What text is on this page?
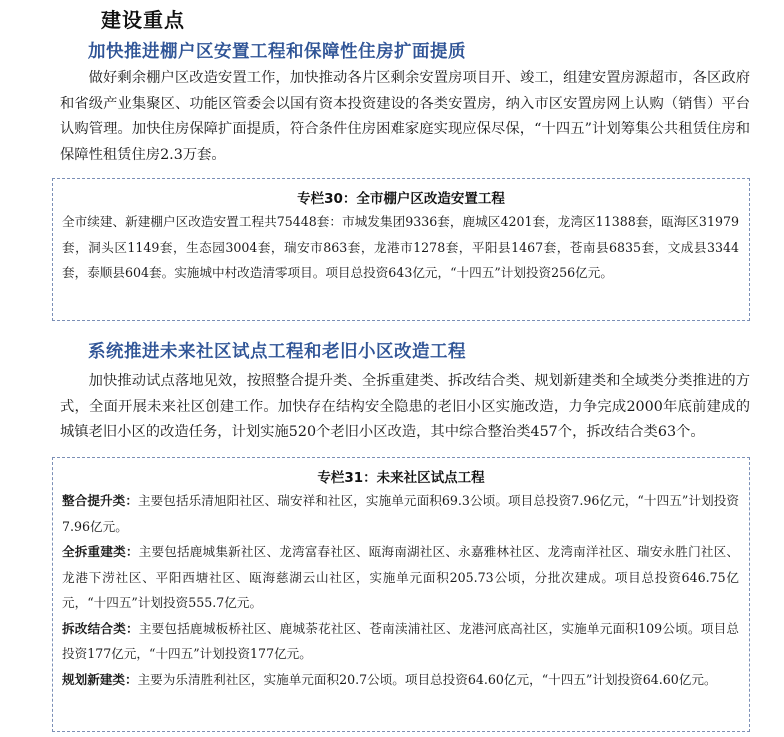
建设重点
加快推进棚户区安置工程和保障性住房扩面提质
做好剩余棚户区改造安置工作，加快推动各片区剩余安置房项目开、竣工，组建安置房源超市，各区政府和省级产业集聚区、功能区管委会以国有资本投资建设的各类安置房，纳入市区安置房网上认购（销售）平台认购管理。加快住房保障扩面提质，符合条件住房困难家庭实现应保尽保，“十四五”计划筹集公共租赁住房和保障性租赁住房2.3万套。
专栏30：全市棚户区改造安置工程

全市续建、新建棚户区改造安置工程共75448套：市城发集团9336套，鹿城区4201套，龙湾区11388套，瓯海区31979套，洞头区1149套，生态园3004套，瑞安市863套，龙港市1278套，平阳县1467套，苍南县6835套，文成县3344套，泰顺县604套。实施城中村改造清零项目。项目总投资643亿元，“十四五”计划投资256亿元。

系统推进未来社区试点工程和老旧小区改造工程
加快推动试点落地见效，按照整合提升类、全拆重建类、拆改结合类、规划新建类和全域类分类推进的方式，全面开展未来社区创建工作。加快存在结构安全隐患的老旧小区实施改造，力争完成2000年底前建成的城镇老旧小区的改造任务，计划实施520个老旧小区改造，其中综合整治类457个，拆改结合类63个。
专栏31：未来社区试点工程

整合提升类：主要包括乐清旭阳社区、瑞安祥和社区，实施单元面积69.3公顷。项目总投资7.96亿元，“十四五”计划投资7.96亿元。

全拆重建类：主要包括鹿城集新社区、龙湾富春社区、瓯海南湖社区、永嘉雅林社区、龙湾南洋社区、瑞安永胜门社区、龙港下涝社区、平阳西塘社区、瓯海慈湖云山社区，实施单元面积205.73公顷，分批次建成。项目总投资646.75亿元，“十四五”计划投资555.7亿元。

拆改结合类：主要包括鹿城板桥社区、鹿城荼花社区、苍南渎浦社区、龙港河底高社区，实施单元面积109公顷。项目总投资177亿元，“十四五”计划投资177亿元。

规划新建类：主要为乐清胜利社区，实施单元面积20.7公顷。项目总投资64.60亿元，“十四五”计划投资64.60亿元。
